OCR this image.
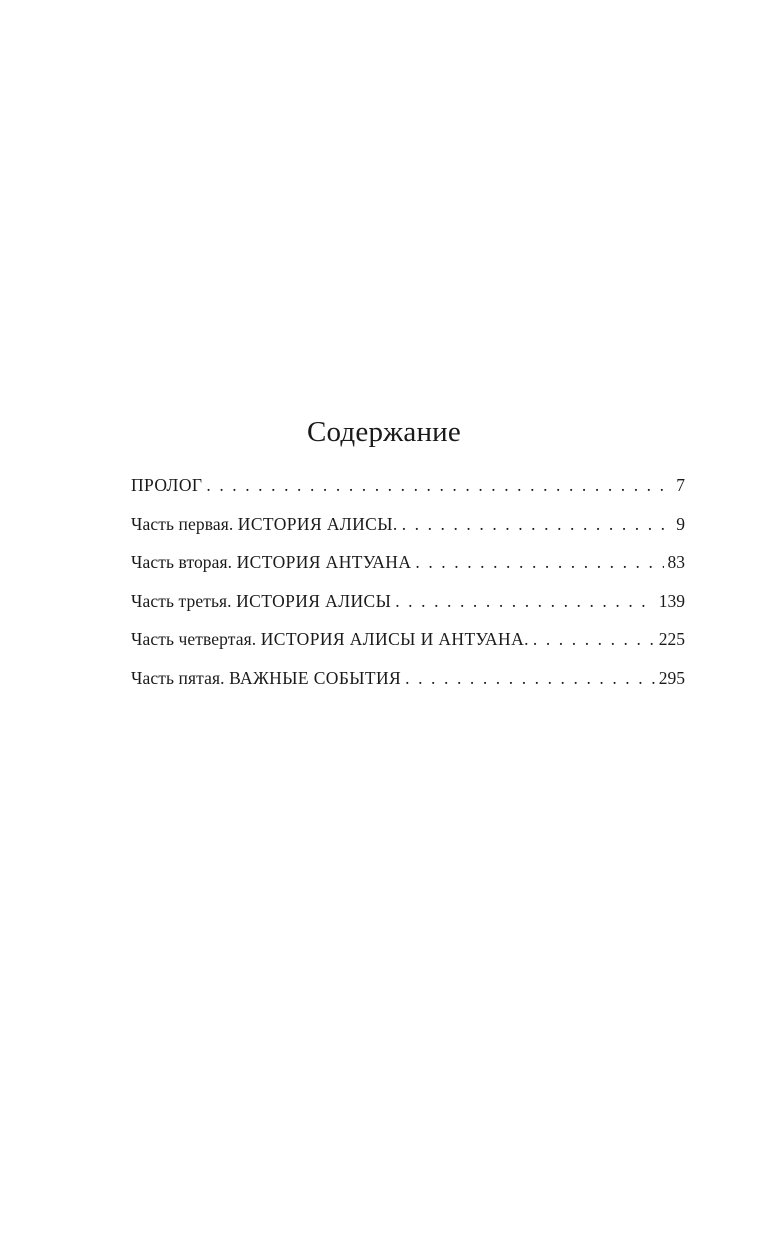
Содержание
ПРОЛОГ . . .	7
Часть первая. ИСТОРИЯ АЛИСЫ. . . .	9
Часть вторая. ИСТОРИЯ АНТУАНА . . .	83
Часть третья. ИСТОРИЯ АЛИСЫ . . .	139
Часть четвертая. ИСТОРИЯ АЛИСЫ И АНТУАНА. . . .	225
Часть пятая. ВАЖНЫЕ СОБЫТИЯ . . .	295
